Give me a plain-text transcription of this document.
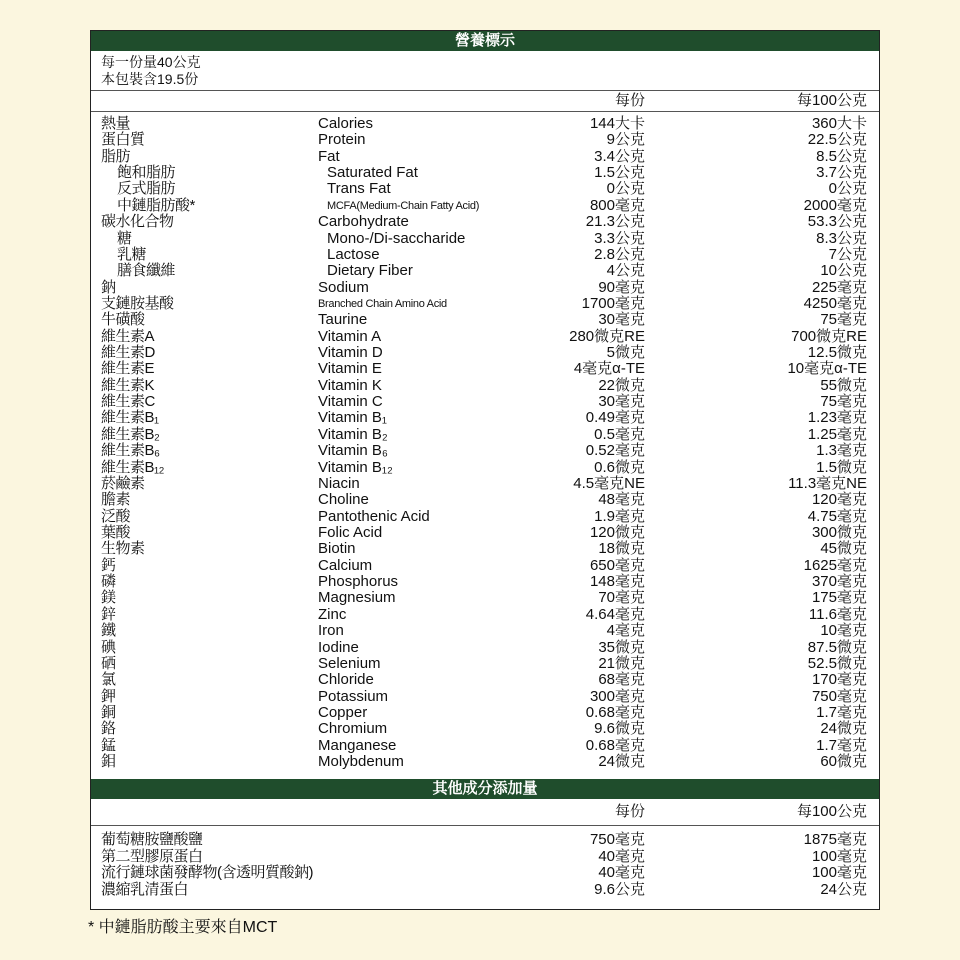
營養標示
每一份量40公克
本包裝含19.5份
每份	每100公克
熱量	Calories	144大卡	360大卡
蛋白質	Protein	9公克	22.5公克
脂肪	Fat	3.4公克	8.5公克
飽和脂肪	Saturated Fat	1.5公克	3.7公克
反式脂肪	Trans Fat	0公克	0公克
中鏈脂肪酸*	MCFA(Medium-Chain Fatty Acid)	800毫克	2000毫克
碳水化合物	Carbohydrate	21.3公克	53.3公克
糖	Mono-/Di-saccharide	3.3公克	8.3公克
乳糖	Lactose	2.8公克	7公克
膳食纖維	Dietary Fiber	4公克	10公克
鈉	Sodium	90毫克	225毫克
支鏈胺基酸	Branched Chain Amino Acid	1700毫克	4250毫克
牛磺酸	Taurine	30毫克	75毫克
維生素A	Vitamin A	280微克RE	700微克RE
維生素D	Vitamin D	5微克	12.5微克
維生素E	Vitamin E	4毫克α-TE	10毫克α-TE
維生素K	Vitamin K	22微克	55微克
維生素C	Vitamin C	30毫克	75毫克
維生素B₁	Vitamin B₁	0.49毫克	1.23毫克
維生素B₂	Vitamin B₂	0.5毫克	1.25毫克
維生素B₆	Vitamin B₆	0.52毫克	1.3毫克
維生素B₁₂	Vitamin B₁₂	0.6微克	1.5微克
菸鹼素	Niacin	4.5毫克NE	11.3毫克NE
膽素	Choline	48毫克	120毫克
泛酸	Pantothenic Acid	1.9毫克	4.75毫克
葉酸	Folic Acid	120微克	300微克
生物素	Biotin	18微克	45微克
鈣	Calcium	650毫克	1625毫克
磷	Phosphorus	148毫克	370毫克
鎂	Magnesium	70毫克	175毫克
鋅	Zinc	4.64毫克	11.6毫克
鐵	Iron	4毫克	10毫克
碘	Iodine	35微克	87.5微克
硒	Selenium	21微克	52.5微克
氯	Chloride	68毫克	170毫克
鉀	Potassium	300毫克	750毫克
銅	Copper	0.68毫克	1.7毫克
鉻	Chromium	9.6微克	24微克
錳	Manganese	0.68毫克	1.7毫克
鉬	Molybdenum	24微克	60微克
其他成分添加量
每份	每100公克
葡萄糖胺鹽酸鹽	750毫克	1875毫克
第二型膠原蛋白	40毫克	100毫克
流行鏈球菌發酵物(含透明質酸鈉)	40毫克	100毫克
濃縮乳清蛋白	9.6公克	24公克
* 中鏈脂肪酸主要來自MCT
